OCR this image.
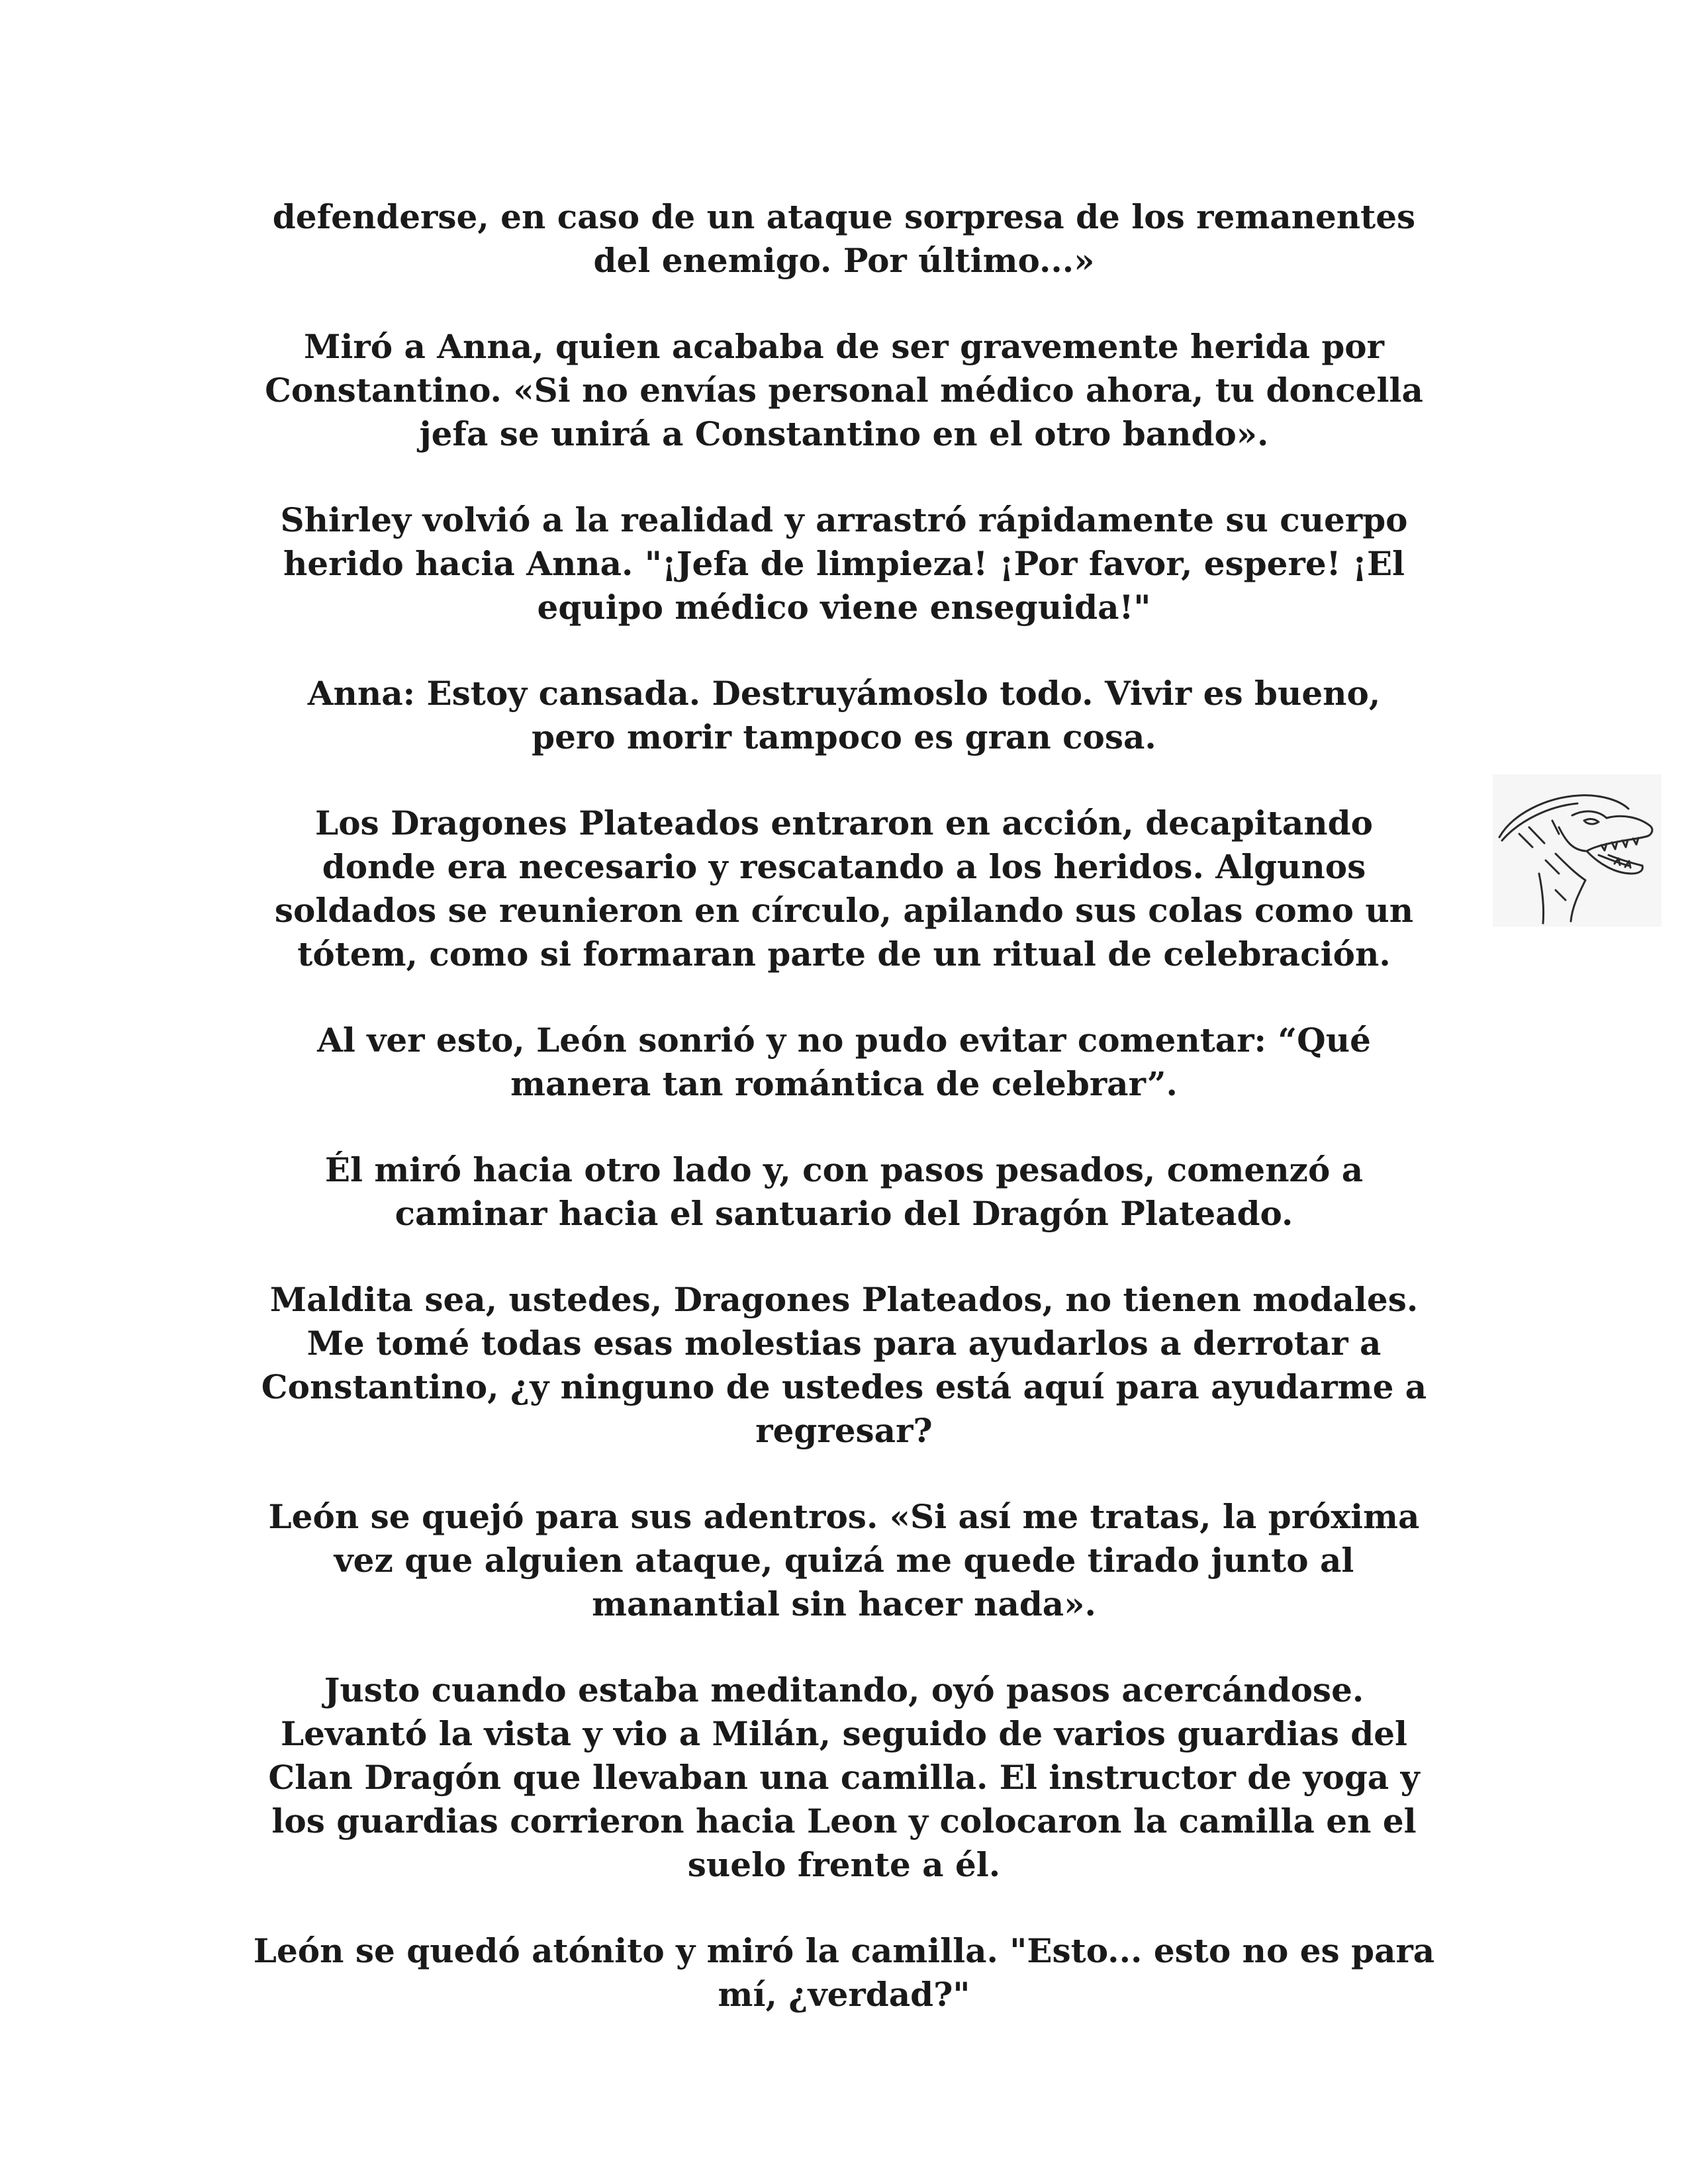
defenderse, en caso de un ataque sorpresa de los remanentes
del enemigo. Por último...»

Miró a Anna, quien acababa de ser gravemente herida por
Constantino. «Si no envías personal médico ahora, tu doncella
jefa se unirá a Constantino en el otro bando».

Shirley volvió a la realidad y arrastró rápidamente su cuerpo
herido hacia Anna. "¡Jefa de limpieza! ¡Por favor, espere! ¡El
equipo médico viene enseguida!"

Anna: Estoy cansada. Destruyámoslo todo. Vivir es bueno,
pero morir tampoco es gran cosa.

Los Dragones Plateados entraron en acción, decapitando
donde era necesario y rescatando a los heridos. Algunos
soldados se reunieron en círculo, apilando sus colas como un
tótem, como si formaran parte de un ritual de celebración.

Al ver esto, León sonrió y no pudo evitar comentar: “Qué
manera tan romántica de celebrar”.

Él miró hacia otro lado y, con pasos pesados, comenzó a
caminar hacia el santuario del Dragón Plateado.

Maldita sea, ustedes, Dragones Plateados, no tienen modales.
Me tomé todas esas molestias para ayudarlos a derrotar a
Constantino, ¿y ninguno de ustedes está aquí para ayudarme a
regresar?

León se quejó para sus adentros. «Si así me tratas, la próxima
vez que alguien ataque, quizá me quede tirado junto al
manantial sin hacer nada».

Justo cuando estaba meditando, oyó pasos acercándose.
Levantó la vista y vio a Milán, seguido de varios guardias del
Clan Dragón que llevaban una camilla. El instructor de yoga y
los guardias corrieron hacia Leon y colocaron la camilla en el
suelo frente a él.

León se quedó atónito y miró la camilla. "Esto... esto no es para
mí, ¿verdad?"
